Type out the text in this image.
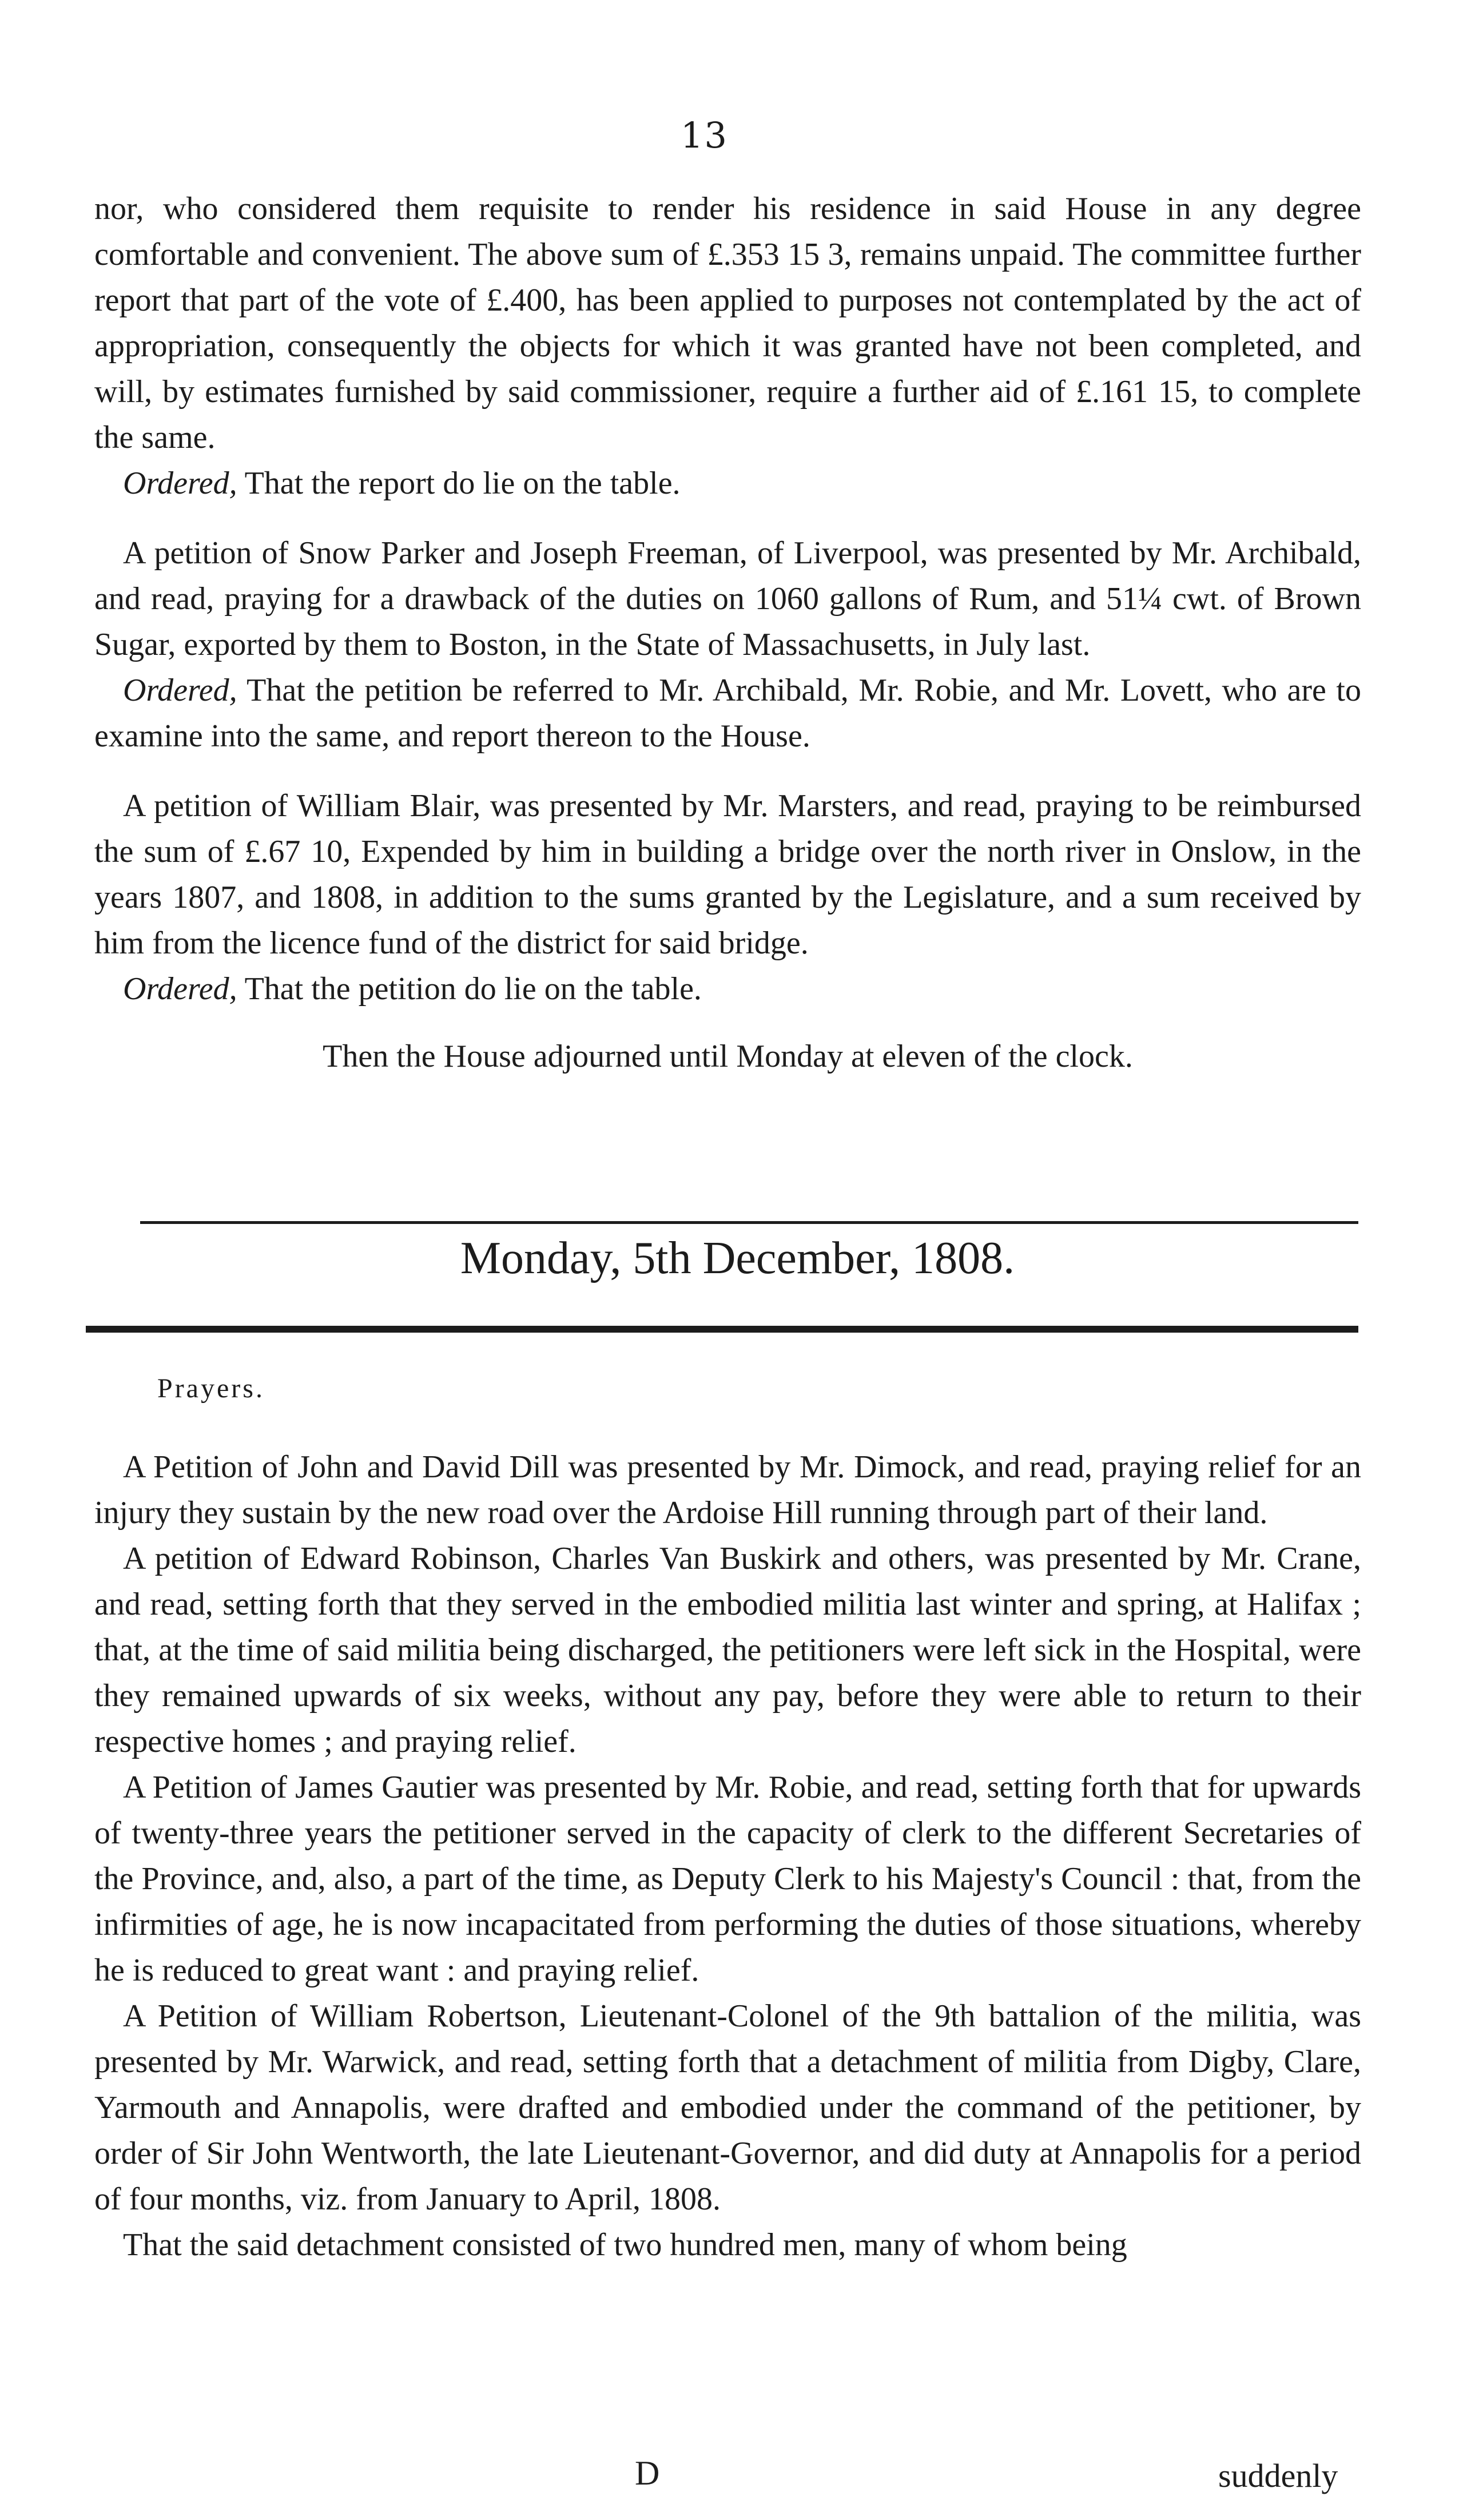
13

nor, who considered them requisite to render his residence in said House in any degree comfortable and convenient. The above sum of £.353 15 3, remains unpaid. The committee further report that part of the vote of £.400, has been applied to purposes not contemplated by the act of appropriation, consequently the objects for which it was granted have not been completed, and will, by estimates furnished by said commissioner, require a further aid of £.161 15, to complete the same.

Ordered, That the report do lie on the table.

A petition of Snow Parker and Joseph Freeman, of Liverpool, was presented by Mr. Archibald, and read, praying for a drawback of the duties on 1060 gallons of Rum, and 51¼ cwt. of Brown Sugar, exported by them to Boston, in the State of Massachusetts, in July last.

Ordered, That the petition be referred to Mr. Archibald, Mr. Robie, and Mr. Lovett, who are to examine into the same, and report thereon to the House.

A petition of William Blair, was presented by Mr. Marsters, and read, praying to be reimbursed the sum of £.67 10, Expended by him in building a bridge over the north river in Onslow, in the years 1807, and 1808, in addition to the sums granted by the Legislature, and a sum received by him from the licence fund of the district for said bridge.

Ordered, That the petition do lie on the table.

Then the House adjourned until Monday at eleven of the clock.

Monday, 5th December, 1808.
Prayers.

A Petition of John and David Dill was presented by Mr. Dimock, and read, praying relief for an injury they sustain by the new road over the Ardoise Hill running through part of their land.

A petition of Edward Robinson, Charles Van Buskirk and others, was presented by Mr. Crane, and read, setting forth that they served in the embodied militia last winter and spring, at Halifax ; that, at the time of said militia being discharged, the petitioners were left sick in the Hospital, were they remained upwards of six weeks, without any pay, before they were able to return to their respective homes ; and praying relief.

A Petition of James Gautier was presented by Mr. Robie, and read, setting forth that for upwards of twenty-three years the petitioner served in the capacity of clerk to the different Secretaries of the Province, and, also, a part of the time, as Deputy Clerk to his Majesty's Council : that, from the infirmities of age, he is now incapacitated from performing the duties of those situations, whereby he is reduced to great want : and praying relief.

A Petition of William Robertson, Lieutenant-Colonel of the 9th battalion of the militia, was presented by Mr. Warwick, and read, setting forth that a detachment of militia from Digby, Clare, Yarmouth and Annapolis, were drafted and embodied under the command of the petitioner, by order of Sir John Wentworth, the late Lieutenant-Governor, and did duty at Annapolis for a period of four months, viz. from January to April, 1808.

That the said detachment consisted of two hundred men, many of whom being

D	suddenly
